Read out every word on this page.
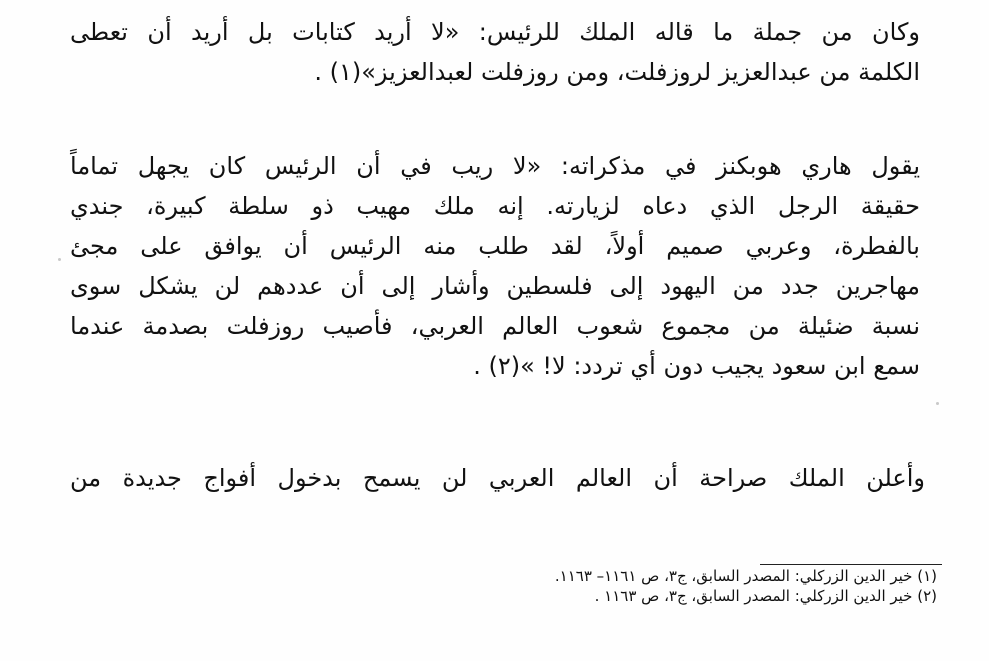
وكان من جملة ما قاله الملك للرئيس: «لا أريد كتابات بل أريد أن تعطى
الكلمة من عبدالعزيز لروزفلت، ومن روزفلت لعبدالعزيز»(١) .
يقول هاري هوبكنز في مذكراته: «لا ريب في أن الرئيس كان يجهل تماماً
حقيقة الرجل الذي دعاه لزيارته. إنه ملك مهيب ذو سلطة كبيرة، جندي
بالفطرة، وعربي صميم أولاً، لقد طلب منه الرئيس أن يوافق على مجئ
مهاجرين جدد من اليهود إلى فلسطين وأشار إلى أن عددهم لن يشكل سوى
نسبة ضئيلة من مجموع شعوب العالم العربي، فأصيب روزفلت بصدمة عندما
سمع ابن سعود يجيب دون أي تردد: لا! »(٢) .
وأعلن الملك صراحة أن العالم العربي لن يسمح بدخول أفواج جديدة من
(١) خير الدين الزركلي: المصدر السابق، ج٣، ص ١١٦١– ١١٦٣.
(٢) خير الدين الزركلي: المصدر السابق، ج٣، ص ١١٦٣ .
